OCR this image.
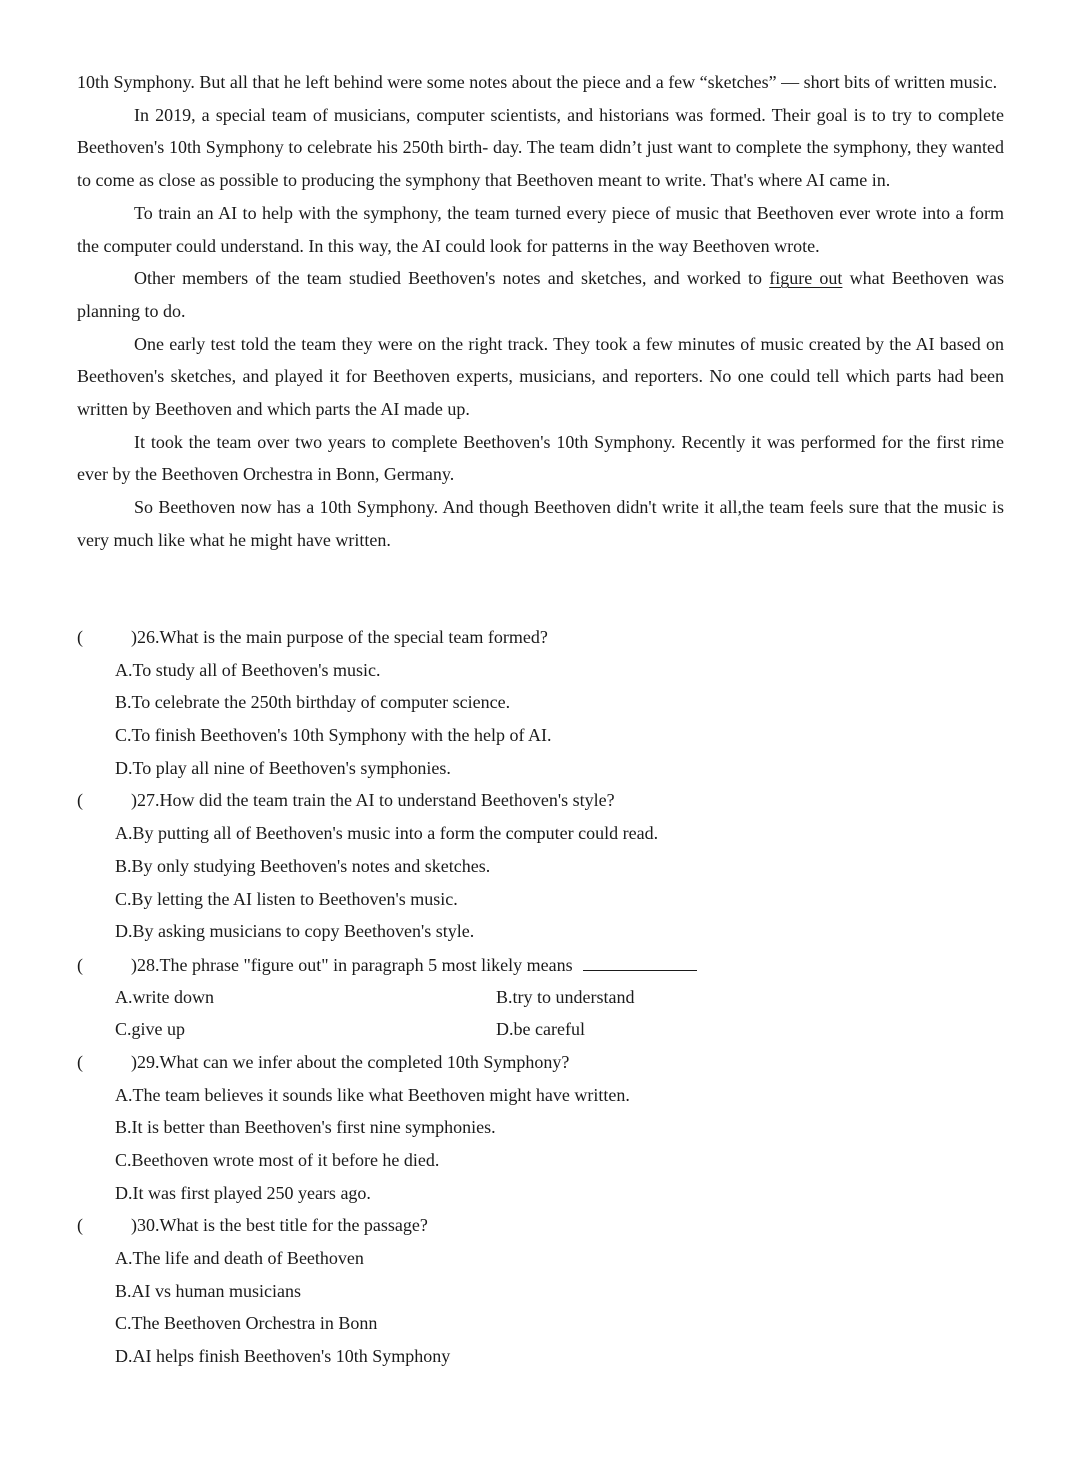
10th Symphony. But all that he left behind were some notes about the piece and a few “sketches” — short bits of written music.

In 2019, a special team of musicians, computer scientists, and historians was formed. Their goal is to try to complete Beethoven's 10th Symphony to celebrate his 250th birth- day. The team didn’t just want to complete the symphony, they wanted to come as close as possible to producing the symphony that Beethoven meant to write. That's where AI came in.

To train an AI to help with the symphony, the team turned every piece of music that Beethoven ever wrote into a form the computer could understand. In this way, the AI could look for patterns in the way Beethoven wrote.

Other members of the team studied Beethoven's notes and sketches, and worked to figure out what Beethoven was planning to do.

One early test told the team they were on the right track. They took a few minutes of music created by the AI based on Beethoven's sketches, and played it for Beethoven experts, musicians, and reporters. No one could tell which parts had been written by Beethoven and which parts the AI made up.

It took the team over two years to complete Beethoven's 10th Symphony. Recently it was performed for the first rime ever by the Beethoven Orchestra in Bonn, Germany.

So Beethoven now has a 10th Symphony. And though Beethoven didn't write it all,the team feels sure that the music is very much like what he might have written.

(	)26.What is the main purpose of the special team formed?
A.To study all of Beethoven's music.
B.To celebrate the 250th birthday of computer science.
C.To finish Beethoven's 10th Symphony with the help of AI.
D.To play all nine of Beethoven's symphonies.
(	)27.How did the team train the AI to understand Beethoven's style?
A.By putting all of Beethoven's music into a form the computer could read.
B.By only studying Beethoven's notes and sketches.
C.By letting the AI listen to Beethoven's music.
D.By asking musicians to copy Beethoven's style.
(	)28.The phrase "figure out" in paragraph 5 most likely means
A.write down	B.try to understand
C.give up	D.be careful
(	)29.What can we infer about the completed 10th Symphony?
A.The team believes it sounds like what Beethoven might have written.
B.It is better than Beethoven's first nine symphonies.
C.Beethoven wrote most of it before he died.
D.It was first played 250 years ago.
(	)30.What is the best title for the passage?
A.The life and death of Beethoven
B.AI vs human musicians
C.The Beethoven Orchestra in Bonn
D.AI helps finish Beethoven's 10th Symphony
